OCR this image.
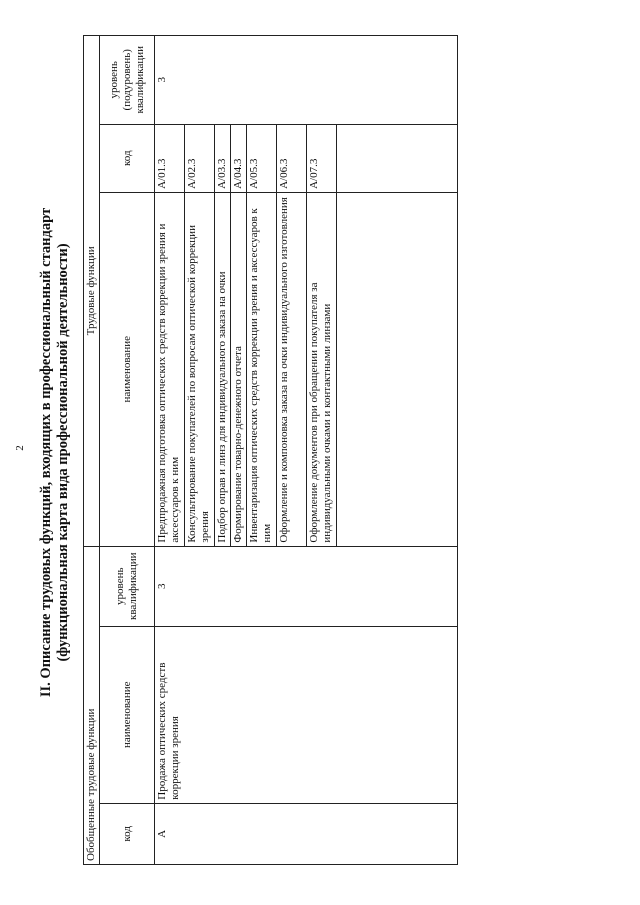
2 II. Описание трудовых функций, входящих в профессиональный стандарт (функциональная карта вида профессиональной деятельности)
Обобщенные трудовые функции			Трудовые функции		
код	наименование	уровень квалификации	наименование	код	уровень (подуровень) квалификации
А	Продажа оптических средств коррекции зрения	3	Предпродажная подготовка оптических средств коррекции зрения и аксессуаров к ним	А/01.3	3
			Консультирование покупателей по вопросам оптической коррекции зрения	А/02.3	
			Подбор оправ и линз для индивидуального заказа на очки	А/03.3	
			Формирование товарно-денежного отчета	А/04.3	
			Инвентаризация оптических средств коррекции зрения и аксессуаров к ним	А/05.3	
			Оформление и компоновка заказа на очки индивидуального изготовления	А/06.3	
			Оформление документов при обращении покупателя за индивидуальными очками и контактными линзами	А/07.3	
